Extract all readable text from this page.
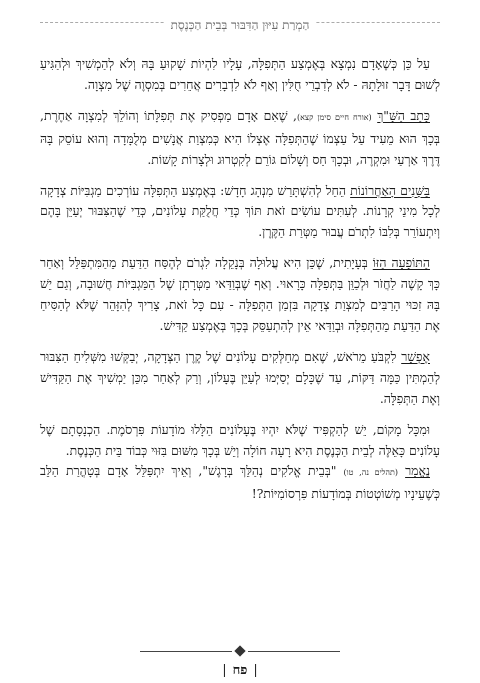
הַמְרַת עִיּוּן הַדִּבּוּר בְּבֵית הַכְּנֶסֶת

עַל כֵּן כְּשֶׁאָדָם נִמְצָא בְּאֶמְצַע הַתְּפִלָּה, עָלָיו לִהְיוֹת שָׁקוּעַ בָּהּ וְלֹא לְהַמְשִׁיךְ וּלְהַגִּיעַ לְשׁוּם דָּבָר זוּלָתָהּ - לֹא לְדִבְרֵי חֻלִּין וְאַף לֹא לִדְבָרִים אֲחֵרִים בְּמִסְוֶה שֶׁל מִצְוָה.

כָּתַב הַשָּׁ"ךְ (אורח חיים סימן קצא), שֶׁאִם אָדָם מַפְסִיק אֶת תְּפִלָּתוֹ וְהוֹלֵךְ לְמִצְוָה אַחֶרֶת, בְּכָךְ הוּא מֵעִיד עַל עַצְמוֹ שֶׁהַתְּפִלָּה אֶצְלוֹ הִיא כְּמִצְוַת אֲנָשִׁים מְלֻמָּדָה וְהוּא עוֹסֵק בָּהּ דֶּרֶךְ אַרְעַי וּמִקְרֶה, וּבְכָךְ חַס וְשָׁלוֹם גּוֹרֵם לְקִטְרוּג וּלְצָרוֹת קָשׁוֹת.

בַּשָּׁנִים הָאַחֲרוֹנוֹת הֵחֵל לְהִשְׁתָּרֵשׁ מִנְהָג חָדָשׁ: בְּאֶמְצַע הַתְּפִלָּה עוֹרְכִים מַגְבִּיּוֹת צְדָקָה לְכָל מִינֵי קְרָנוֹת. לְעִתִּים עוֹשִׂים זֹאת תּוֹךְ כְּדֵי חֲלֻקַּת עָלוֹנִים, כְּדֵי שֶׁהַצִּבּוּר יְעַיֵּן בָּהֶם וְיִתְעוֹרֵר בְּלִבּוֹ לִתְרֹם עֲבוּר מַטְּרַת הַקֶּרֶן.

הַתּוֹפָעָה הַזּוֹ בְּעָיָתִית, שֶׁכֵּן הִיא עֲלוּלָה בְּנָקֵלָה לִגְרֹם לְהֶסַּח הַדַּעַת מֵהַמִּתְפַּלֵּל וְאַחַר כָּךְ קָשֶׁה לַחֲזֹר וּלְכַוֵּן בַּתְּפִלָּה כָּרָאוּי. וְאַף שֶׁבְּוַדַּאי מַטְּרָתָן שֶׁל הַמַּגְבִּיּוֹת חֲשׁוּבָה, וְגַם יֵשׁ בָּהּ זִכּוּי הָרַבִּים לְמִצְוַת צְדָקָה בִּזְמַן הַתְּפִלָּה - עִם כָּל זֹאת, צָרִיךְ לְהִזָּהֵר שֶׁלֹּא לְהַסִּיחַ אֶת הַדַּעַת מֵהַתְּפִלָּה וּבְוַדַּאי אֵין לְהִתְעַסֵּק בְּכָךְ בְּאֶמְצַע קַדִּישׁ.

אֶפְשָׁר לִקְבֹּעַ מֵרֹאשׁ, שֶׁאִם מְחַלְּקִים עָלוֹנִים שֶׁל קֶרֶן הַצְּדָקָה, יְבַקְּשׁוּ מִשְּׁלִיחַ הַצִּבּוּר לְהַמְתִּין כַּמָּה דַּקּוֹת, עַד שֶׁכָּלָם יְסַיְּמוּ לְעַיֵּן בֶּעָלוֹן, וְרַק לְאַחַר מִכֵּן יַמְשִׁיךְ אֶת הַקַּדִּישׁ וְאֶת הַתְּפִלָּה.

וּמִכָּל מָקוֹם, יֵשׁ לְהַקְפִּיד שֶׁלֹּא יִהְיוּ בֶּעָלוֹנִים הַלָּלוּ מוֹדָעוֹת פִּרְסֹמֶת. הַכְנָסָתָם שֶׁל עָלוֹנִים כָּאֵלֶּה לְבֵית הַכְּנֶסֶת הִיא רָעָה חוֹלָה וְיֵשׁ בְּכָךְ מִשּׁוּם בִּזּוּי כְּבוֹד בֵּית הַכְּנֶסֶת.

נֶאֱמַר (תהלים נה, טו) "בְּבֵית אֱלֹקִים נְהַלֵּךְ בְּרָגֶשׁ", וְאֵיךְ יִתְפַּלֵּל אָדָם בְּטָהֳרַת הַלֵּב כְּשֶׁעֵינָיו מְשׁוֹטְטוֹת בְּמוֹדָעוֹת פִּרְסוֹמִיּוֹת?!

|פח|
